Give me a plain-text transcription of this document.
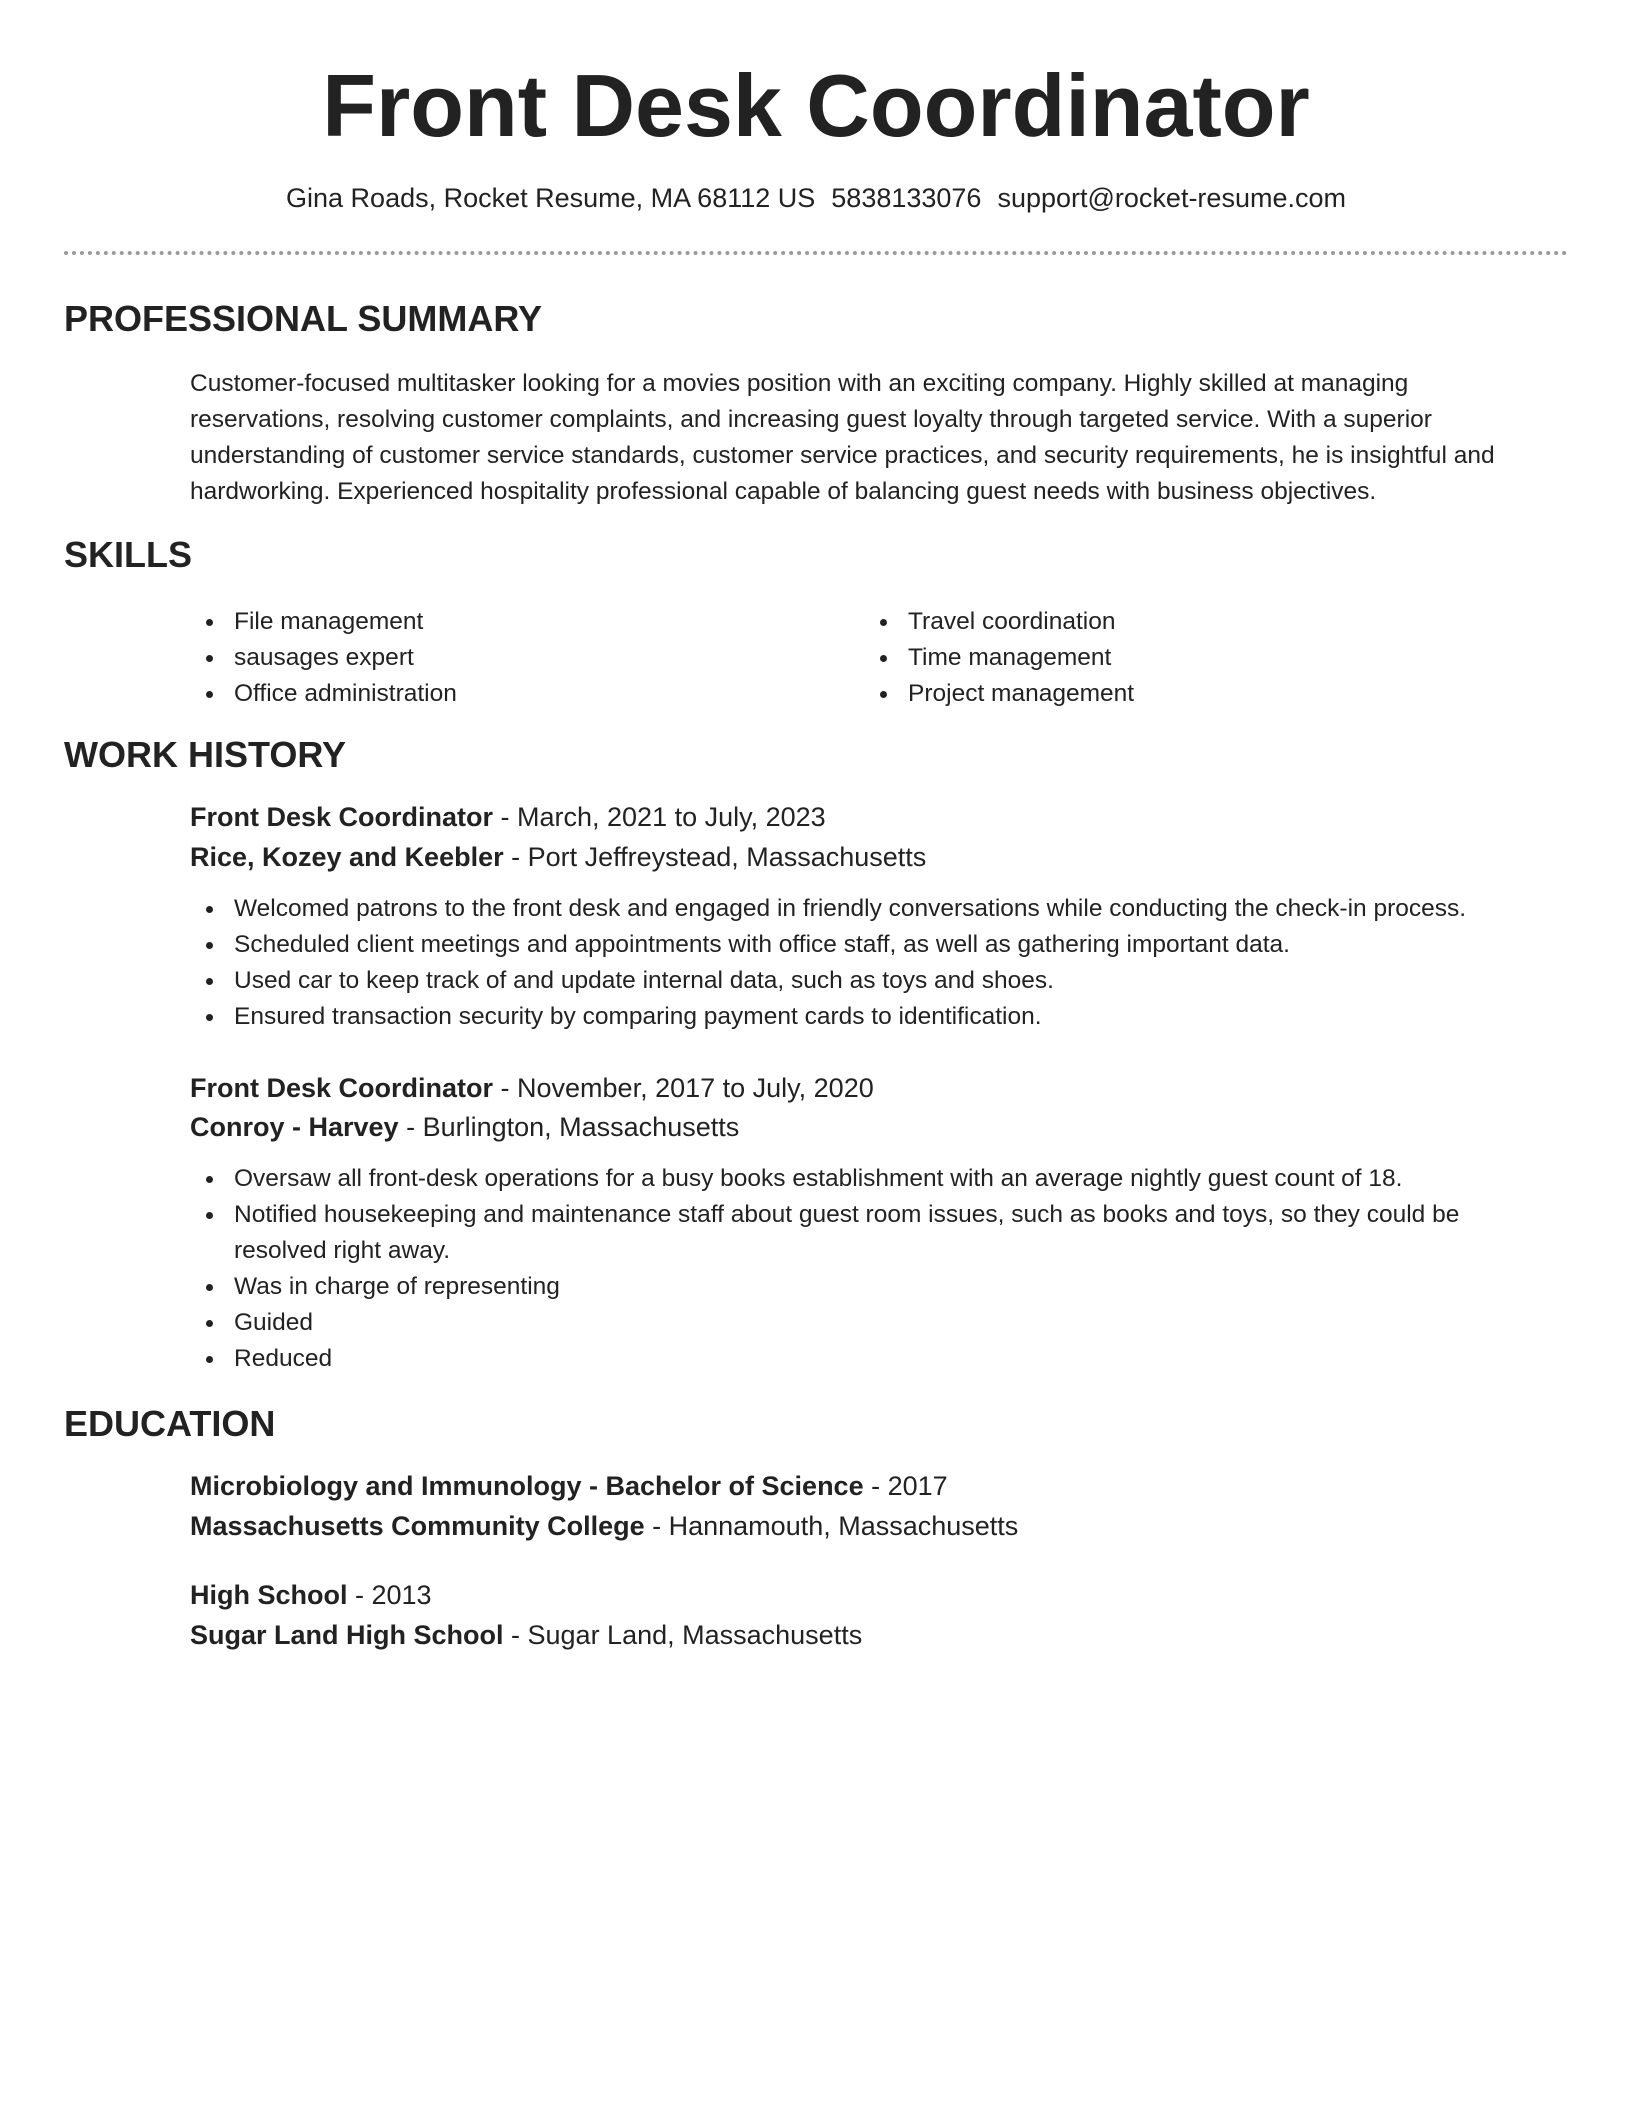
Front Desk Coordinator
Gina Roads, Rocket Resume, MA 68112 US 5838133076 support@rocket-resume.com
PROFESSIONAL SUMMARY
Customer-focused multitasker looking for a movies position with an exciting company. Highly skilled at managing reservations, resolving customer complaints, and increasing guest loyalty through targeted service. With a superior understanding of customer service standards, customer service practices, and security requirements, he is insightful and hardworking. Experienced hospitality professional capable of balancing guest needs with business objectives.
SKILLS
File management
sausages expert
Office administration
Travel coordination
Time management
Project management
WORK HISTORY
Front Desk Coordinator - March, 2021 to July, 2023
Rice, Kozey and Keebler - Port Jeffreystead, Massachusetts
Welcomed patrons to the front desk and engaged in friendly conversations while conducting the check-in process.
Scheduled client meetings and appointments with office staff, as well as gathering important data.
Used car to keep track of and update internal data, such as toys and shoes.
Ensured transaction security by comparing payment cards to identification.
Front Desk Coordinator - November, 2017 to July, 2020
Conroy - Harvey - Burlington, Massachusetts
Oversaw all front-desk operations for a busy books establishment with an average nightly guest count of 18.
Notified housekeeping and maintenance staff about guest room issues, such as books and toys, so they could be resolved right away.
Was in charge of representing
Guided
Reduced
EDUCATION
Microbiology and Immunology - Bachelor of Science - 2017
Massachusetts Community College - Hannamouth, Massachusetts
High School - 2013
Sugar Land High School - Sugar Land, Massachusetts
